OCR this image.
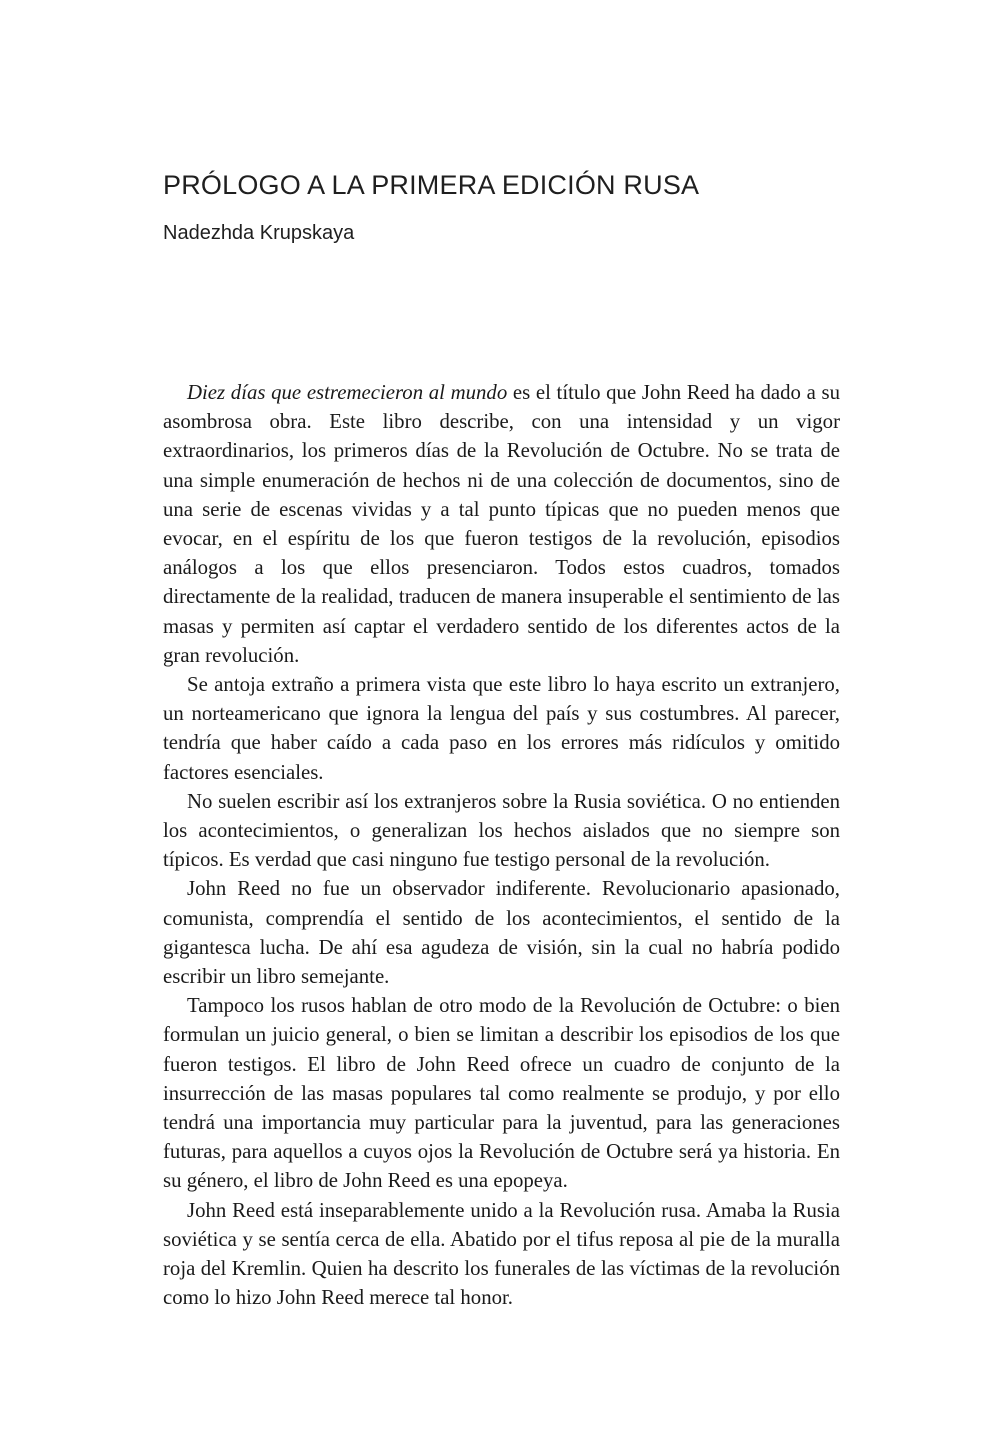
PRÓLOGO A LA PRIMERA EDICIÓN RUSA
Nadezhda Krupskaya

Diez días que estremecieron al mundo es el título que John Reed ha dado a su asombrosa obra. Este libro describe, con una intensidad y un vigor extraordinarios, los primeros días de la Revolución de Octubre. No se trata de una simple enumeración de hechos ni de una colección de documentos, sino de una serie de escenas vividas y a tal punto típicas que no pueden menos que evocar, en el espíritu de los que fueron testigos de la revolución, episodios análogos a los que ellos presenciaron. Todos estos cuadros, tomados directamente de la realidad, traducen de manera insuperable el sentimiento de las masas y permiten así captar el verdadero sentido de los diferentes actos de la gran revolución.

Se antoja extraño a primera vista que este libro lo haya escrito un extranjero, un norteamericano que ignora la lengua del país y sus costumbres. Al parecer, tendría que haber caído a cada paso en los errores más ridículos y omitido factores esenciales.

No suelen escribir así los extranjeros sobre la Rusia soviética. O no entienden los acontecimientos, o generalizan los hechos aislados que no siempre son típicos. Es verdad que casi ninguno fue testigo personal de la revolución.

John Reed no fue un observador indiferente. Revolucionario apasionado, comunista, comprendía el sentido de los acontecimientos, el sentido de la gigantesca lucha. De ahí esa agudeza de visión, sin la cual no habría podido escribir un libro semejante.

Tampoco los rusos hablan de otro modo de la Revolución de Octubre: o bien formulan un juicio general, o bien se limitan a describir los episodios de los que fueron testigos. El libro de John Reed ofrece un cuadro de conjunto de la insurrección de las masas populares tal como realmente se produjo, y por ello tendrá una importancia muy particular para la juventud, para las generaciones futuras, para aquellos a cuyos ojos la Revolución de Octubre será ya historia. En su género, el libro de John Reed es una epopeya.

John Reed está inseparablemente unido a la Revolución rusa. Amaba la Rusia soviética y se sentía cerca de ella. Abatido por el tifus reposa al pie de la muralla roja del Kremlin. Quien ha descrito los funerales de las víctimas de la revolución como lo hizo John Reed merece tal honor.
